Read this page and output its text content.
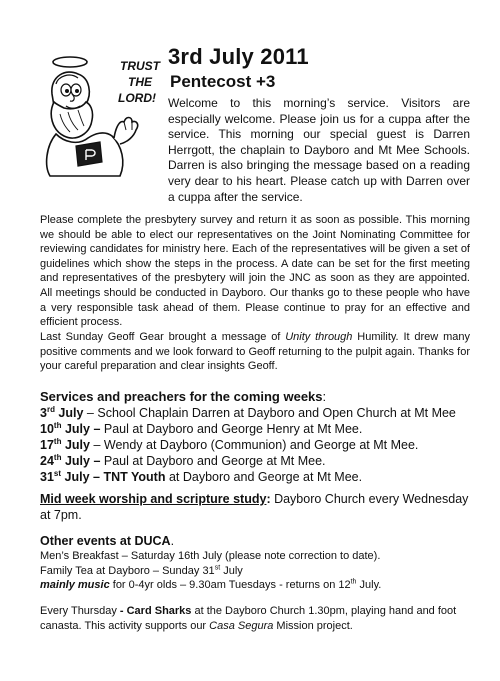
TRUST
THE
LORD!
3rd July 2011
Pentecost +3
Welcome to this morning’s service. Visitors are especially welcome. Please join us for a cuppa after the service. This morning our special guest is Darren Herrgott, the chaplain to Dayboro and Mt Mee Schools. Darren is also bringing the message based on a reading very dear to his heart. Please catch up with Darren over a cuppa after the service.
Please complete the presbytery survey and return it as soon as possible. This morning we should be able to elect our representatives on the Joint Nominating Committee for reviewing candidates for ministry here. Each of the representatives will be given a set of guidelines which show the steps in the process. A date can be set for the first meeting and representatives of the presbytery will join the JNC as soon as they are appointed. All meetings should be conducted in Dayboro. Our thanks go to these people who have a very responsible task ahead of them. Please continue to pray for an effective and efficient process.
Last Sunday Geoff Gear brought a message of Unity through Humility. It drew many positive comments and we look forward to Geoff returning to the pulpit again. Thanks for your careful preparation and clear insights Geoff.
Services and preachers for the coming weeks:
3rd July – School Chaplain Darren at Dayboro and Open Church at Mt Mee
10th July – Paul at Dayboro and George Henry at Mt Mee.
17th July – Wendy at Dayboro (Communion) and George at Mt Mee.
24th July – Paul at Dayboro and George at Mt Mee.
31st July – TNT Youth at Dayboro and George at Mt Mee.
Mid week worship and scripture study: Dayboro Church every Wednesday at 7pm.
Other events at DUCA.
Men’s Breakfast – Saturday 16th July (please note correction to date).
Family Tea at Dayboro – Sunday 31st July
mainly music for 0-4yr olds – 9.30am Tuesdays - returns on 12th July.
Every Thursday - Card Sharks at the Dayboro Church 1.30pm, playing hand and foot canasta. This activity supports our Casa Segura Mission project.
